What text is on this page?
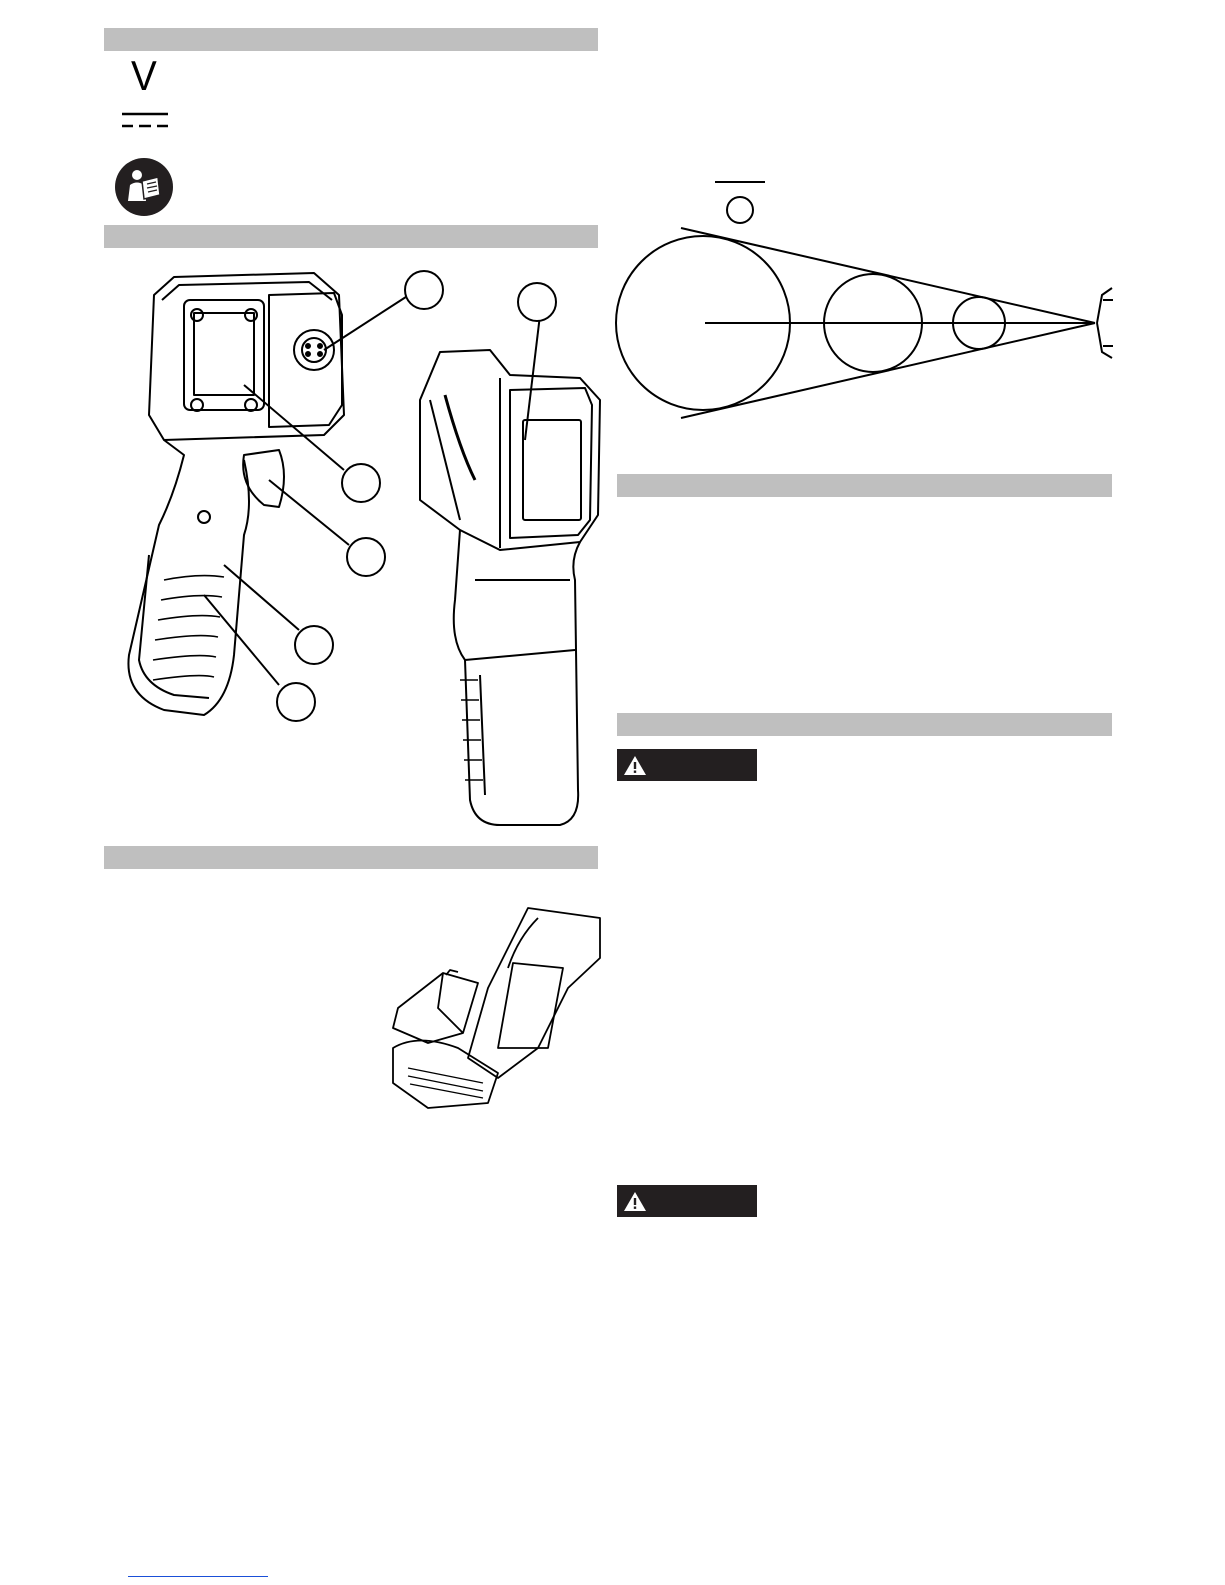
V
